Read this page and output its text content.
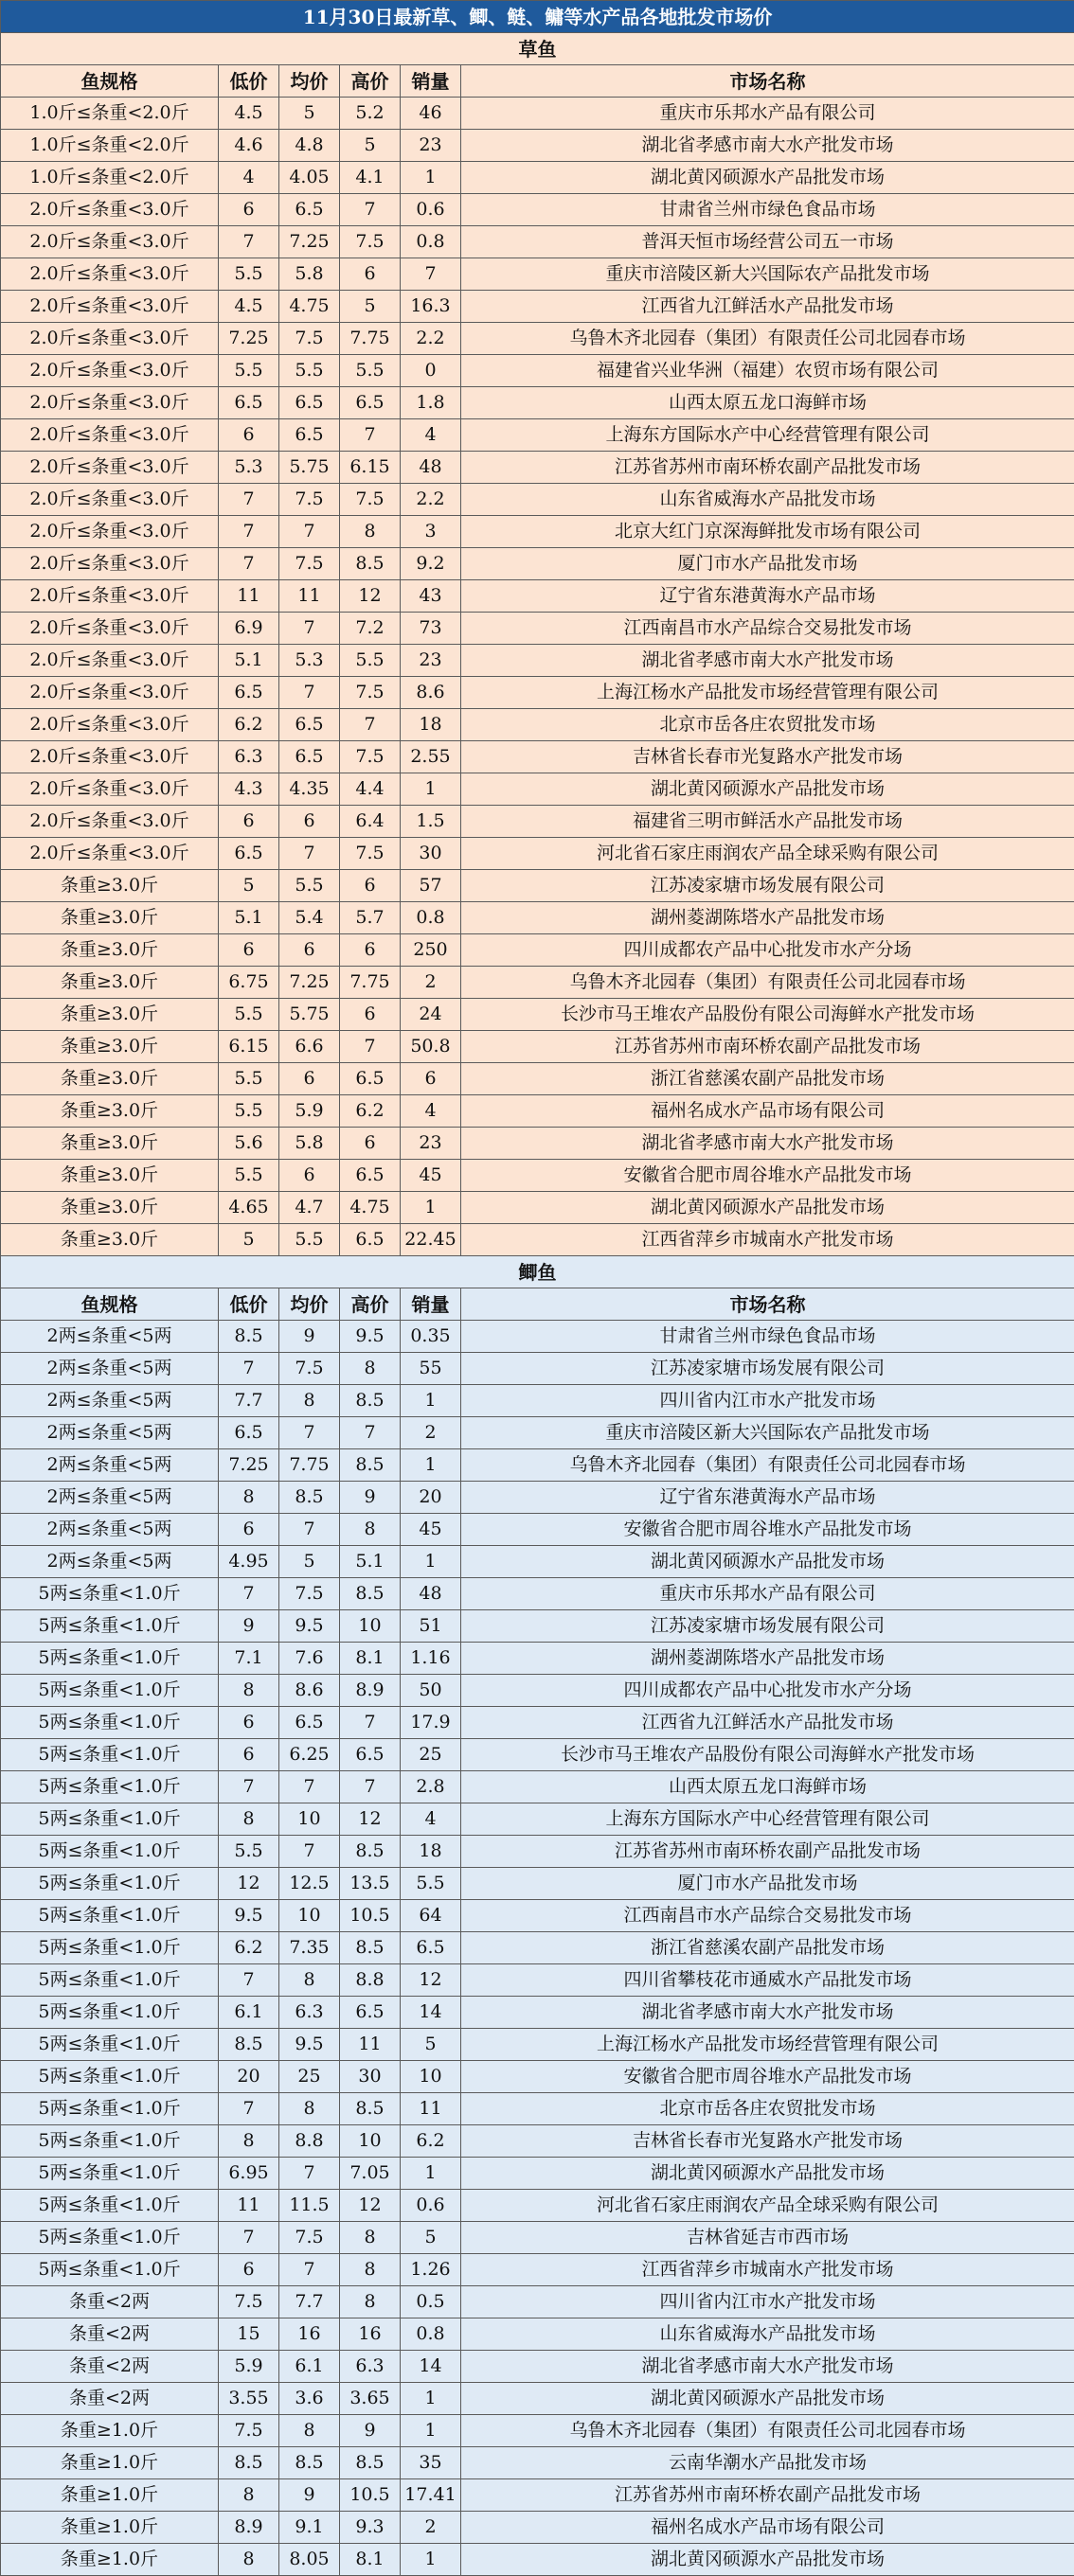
11月30日最新草、鲫、鲢、鳙等水产品各地批发市场价					
草鱼					
鱼规格	低价	均价	高价	销量	市场名称
1.0斤≤条重<2.0斤	4.5	5	5.2	46	重庆市乐邦水产品有限公司
1.0斤≤条重<2.0斤	4.6	4.8	5	23	湖北省孝感市南大水产批发市场
1.0斤≤条重<2.0斤	4	4.05	4.1	1	湖北黄冈硕源水产品批发市场
2.0斤≤条重<3.0斤	6	6.5	7	0.6	甘肃省兰州市绿色食品市场
2.0斤≤条重<3.0斤	7	7.25	7.5	0.8	普洱天恒市场经营公司五一市场
2.0斤≤条重<3.0斤	5.5	5.8	6	7	重庆市涪陵区新大兴国际农产品批发市场
2.0斤≤条重<3.0斤	4.5	4.75	5	16.3	江西省九江鲜活水产品批发市场
2.0斤≤条重<3.0斤	7.25	7.5	7.75	2.2	乌鲁木齐北园春（集团）有限责任公司北园春市场
2.0斤≤条重<3.0斤	5.5	5.5	5.5	0	福建省兴业华洲（福建）农贸市场有限公司
2.0斤≤条重<3.0斤	6.5	6.5	6.5	1.8	山西太原五龙口海鲜市场
2.0斤≤条重<3.0斤	6	6.5	7	4	上海东方国际水产中心经营管理有限公司
2.0斤≤条重<3.0斤	5.3	5.75	6.15	48	江苏省苏州市南环桥农副产品批发市场
2.0斤≤条重<3.0斤	7	7.5	7.5	2.2	山东省威海水产品批发市场
2.0斤≤条重<3.0斤	7	7	8	3	北京大红门京深海鲜批发市场有限公司
2.0斤≤条重<3.0斤	7	7.5	8.5	9.2	厦门市水产品批发市场
2.0斤≤条重<3.0斤	11	11	12	43	辽宁省东港黄海水产品市场
2.0斤≤条重<3.0斤	6.9	7	7.2	73	江西南昌市水产品综合交易批发市场
2.0斤≤条重<3.0斤	5.1	5.3	5.5	23	湖北省孝感市南大水产批发市场
2.0斤≤条重<3.0斤	6.5	7	7.5	8.6	上海江杨水产品批发市场经营管理有限公司
2.0斤≤条重<3.0斤	6.2	6.5	7	18	北京市岳各庄农贸批发市场
2.0斤≤条重<3.0斤	6.3	6.5	7.5	2.55	吉林省长春市光复路水产批发市场
2.0斤≤条重<3.0斤	4.3	4.35	4.4	1	湖北黄冈硕源水产品批发市场
2.0斤≤条重<3.0斤	6	6	6.4	1.5	福建省三明市鲜活水产品批发市场
2.0斤≤条重<3.0斤	6.5	7	7.5	30	河北省石家庄雨润农产品全球采购有限公司
条重≥3.0斤	5	5.5	6	57	江苏凌家塘市场发展有限公司
条重≥3.0斤	5.1	5.4	5.7	0.8	湖州菱湖陈塔水产品批发市场
条重≥3.0斤	6	6	6	250	四川成都农产品中心批发市水产分场
条重≥3.0斤	6.75	7.25	7.75	2	乌鲁木齐北园春（集团）有限责任公司北园春市场
条重≥3.0斤	5.5	5.75	6	24	长沙市马王堆农产品股份有限公司海鲜水产批发市场
条重≥3.0斤	6.15	6.6	7	50.8	江苏省苏州市南环桥农副产品批发市场
条重≥3.0斤	5.5	6	6.5	6	浙江省慈溪农副产品批发市场
条重≥3.0斤	5.5	5.9	6.2	4	福州名成水产品市场有限公司
条重≥3.0斤	5.6	5.8	6	23	湖北省孝感市南大水产批发市场
条重≥3.0斤	5.5	6	6.5	45	安徽省合肥市周谷堆水产品批发市场
条重≥3.0斤	4.65	4.7	4.75	1	湖北黄冈硕源水产品批发市场
条重≥3.0斤	5	5.5	6.5	22.45	江西省萍乡市城南水产批发市场
鲫鱼					
鱼规格	低价	均价	高价	销量	市场名称
2两≤条重<5两	8.5	9	9.5	0.35	甘肃省兰州市绿色食品市场
2两≤条重<5两	7	7.5	8	55	江苏凌家塘市场发展有限公司
2两≤条重<5两	7.7	8	8.5	1	四川省内江市水产批发市场
2两≤条重<5两	6.5	7	7	2	重庆市涪陵区新大兴国际农产品批发市场
2两≤条重<5两	7.25	7.75	8.5	1	乌鲁木齐北园春（集团）有限责任公司北园春市场
2两≤条重<5两	8	8.5	9	20	辽宁省东港黄海水产品市场
2两≤条重<5两	6	7	8	45	安徽省合肥市周谷堆水产品批发市场
2两≤条重<5两	4.95	5	5.1	1	湖北黄冈硕源水产品批发市场
5两≤条重<1.0斤	7	7.5	8.5	48	重庆市乐邦水产品有限公司
5两≤条重<1.0斤	9	9.5	10	51	江苏凌家塘市场发展有限公司
5两≤条重<1.0斤	7.1	7.6	8.1	1.16	湖州菱湖陈塔水产品批发市场
5两≤条重<1.0斤	8	8.6	8.9	50	四川成都农产品中心批发市水产分场
5两≤条重<1.0斤	6	6.5	7	17.9	江西省九江鲜活水产品批发市场
5两≤条重<1.0斤	6	6.25	6.5	25	长沙市马王堆农产品股份有限公司海鲜水产批发市场
5两≤条重<1.0斤	7	7	7	2.8	山西太原五龙口海鲜市场
5两≤条重<1.0斤	8	10	12	4	上海东方国际水产中心经营管理有限公司
5两≤条重<1.0斤	5.5	7	8.5	18	江苏省苏州市南环桥农副产品批发市场
5两≤条重<1.0斤	12	12.5	13.5	5.5	厦门市水产品批发市场
5两≤条重<1.0斤	9.5	10	10.5	64	江西南昌市水产品综合交易批发市场
5两≤条重<1.0斤	6.2	7.35	8.5	6.5	浙江省慈溪农副产品批发市场
5两≤条重<1.0斤	7	8	8.8	12	四川省攀枝花市通威水产品批发市场
5两≤条重<1.0斤	6.1	6.3	6.5	14	湖北省孝感市南大水产批发市场
5两≤条重<1.0斤	8.5	9.5	11	5	上海江杨水产品批发市场经营管理有限公司
5两≤条重<1.0斤	20	25	30	10	安徽省合肥市周谷堆水产品批发市场
5两≤条重<1.0斤	7	8	8.5	11	北京市岳各庄农贸批发市场
5两≤条重<1.0斤	8	8.8	10	6.2	吉林省长春市光复路水产批发市场
5两≤条重<1.0斤	6.95	7	7.05	1	湖北黄冈硕源水产品批发市场
5两≤条重<1.0斤	11	11.5	12	0.6	河北省石家庄雨润农产品全球采购有限公司
5两≤条重<1.0斤	7	7.5	8	5	吉林省延吉市西市场
5两≤条重<1.0斤	6	7	8	1.26	江西省萍乡市城南水产批发市场
条重<2两	7.5	7.7	8	0.5	四川省内江市水产批发市场
条重<2两	15	16	16	0.8	山东省威海水产品批发市场
条重<2两	5.9	6.1	6.3	14	湖北省孝感市南大水产批发市场
条重<2两	3.55	3.6	3.65	1	湖北黄冈硕源水产品批发市场
条重≥1.0斤	7.5	8	9	1	乌鲁木齐北园春（集团）有限责任公司北园春市场
条重≥1.0斤	8.5	8.5	8.5	35	云南华潮水产品批发市场
条重≥1.0斤	8	9	10.5	17.41	江苏省苏州市南环桥农副产品批发市场
条重≥1.0斤	8.9	9.1	9.3	2	福州名成水产品市场有限公司
条重≥1.0斤	8	8.05	8.1	1	湖北黄冈硕源水产品批发市场
